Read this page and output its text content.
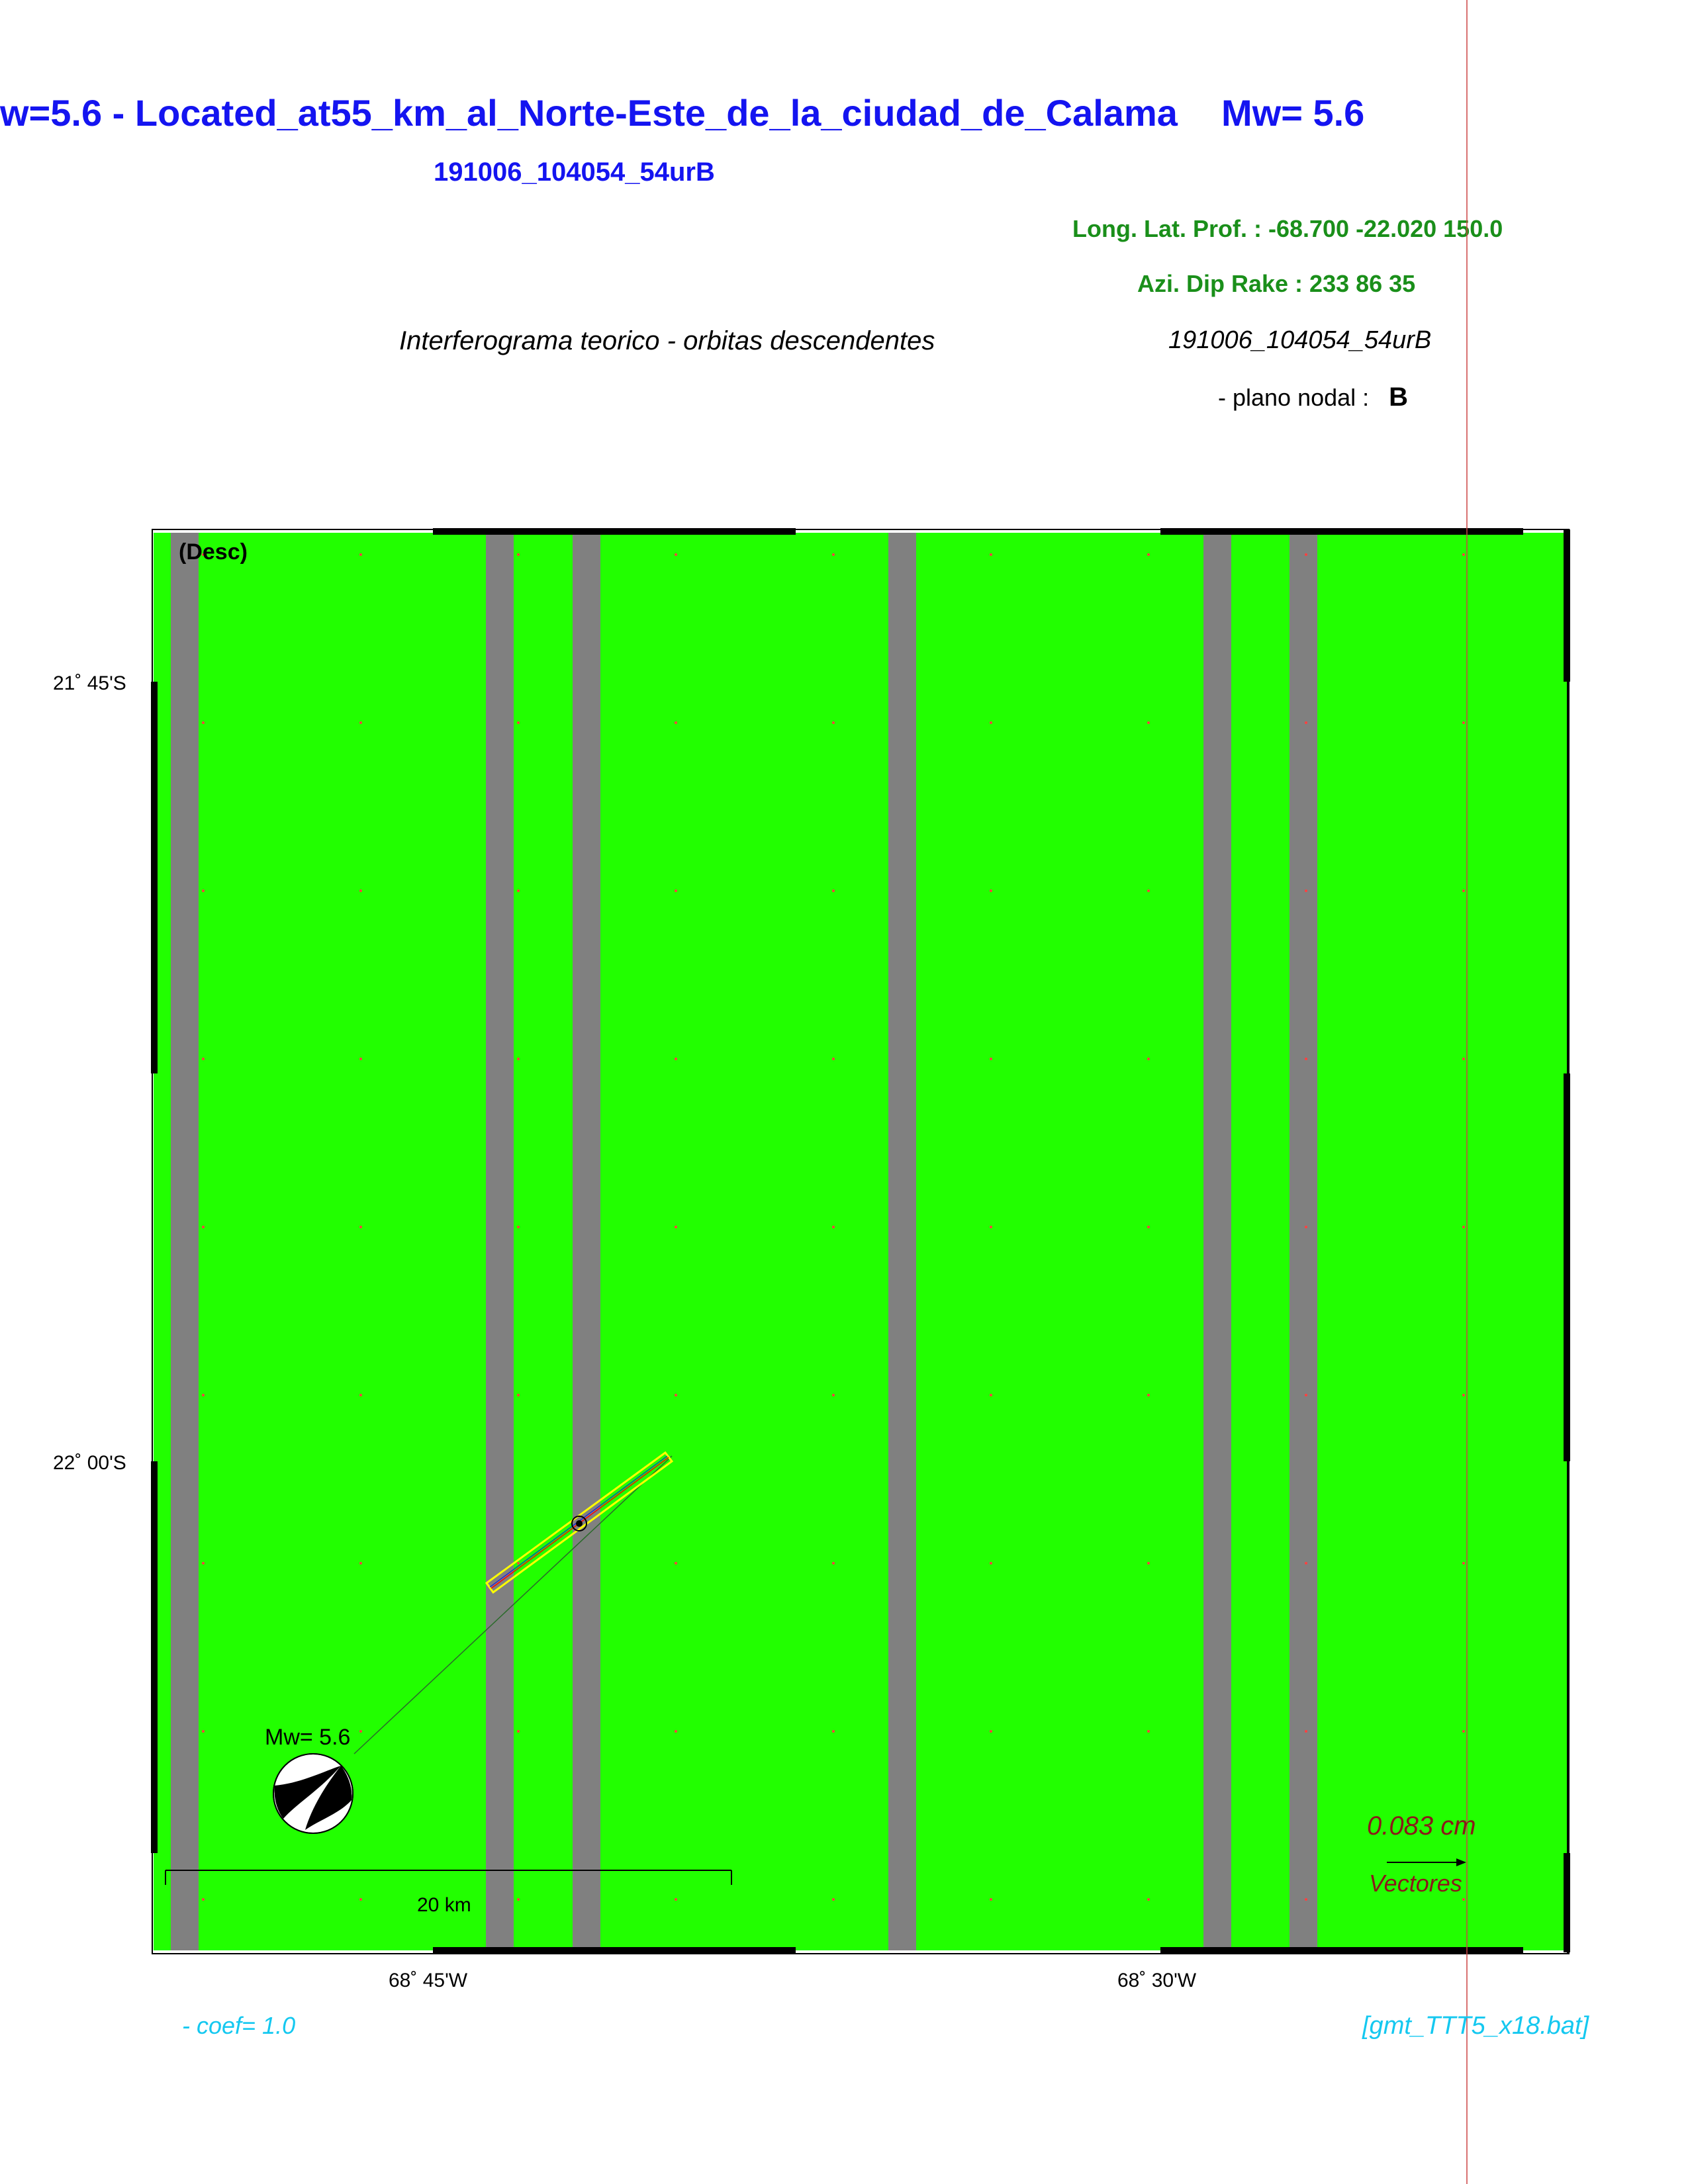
w=5.6 - Located_at55_km_al_Norte-Este_de_la_ciudad_de_Calama Mw= 5.6
191006_104054_54urB
Long. Lat. Prof. : -68.700 -22.020 150.0
Azi. Dip Rake : 233 86 35
Interferograma teorico - orbitas descendentes	191006_104054_54urB
- plano nodal : B
(Desc)
21˚ 45'S
22˚ 00'S
68˚ 45'W	68˚ 30'W
Mw= 5.6
20 km
0.083 cm
Vectores
- coef= 1.0	[gmt_TTT5_x18.bat]
